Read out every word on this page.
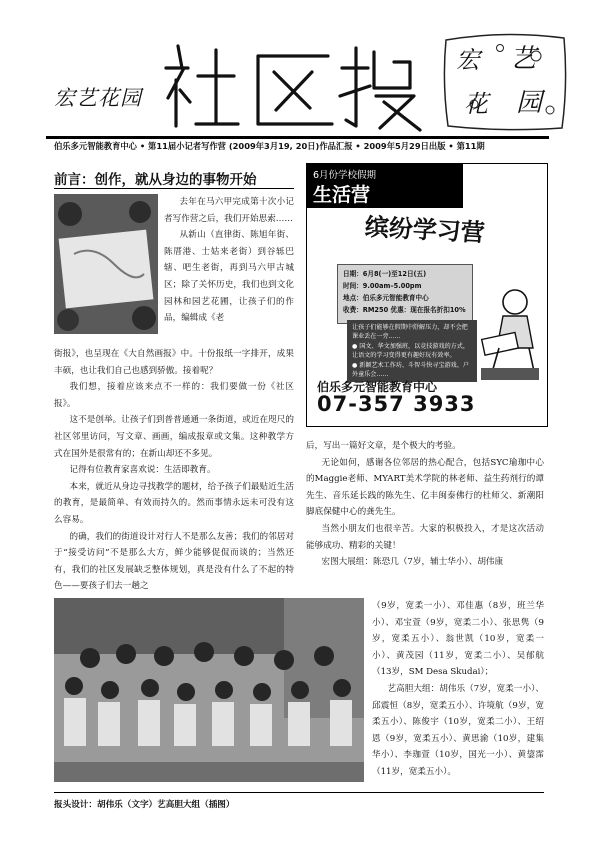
宏艺花园
宏 艺
花 园
伯乐多元智能教育中心 • 第11届小记者写作营 (2009年3月19, 20日)作品汇报 • 2009年5月29日出版 • 第11期
前言：创作，就从身边的事物开始

去年在马六甲完成第十次小记者写作营之后，我们开始思索……

从新山（直律街、陈旭年街、陈厝港、士姑来老街）到谷轹巴辖、吧生老街，再到马六甲古城区；除了关怀历史，我们也到文化园林和园艺花圃，让孩子们的作品，编辑成《老

街报》，也呈现在《大自然画报》中。十份报纸一字排开，成果丰硕，也让我们自己也感到骄傲。接着呢？

我们想，接着应该来点不一样的：我们要做一份《社区报》。

这不是创举。让孩子们到普普通通一条街道，或近在咫尺的社区邻里访问，写文章、画画，编成报章或文集。这种教学方式在国外是很常有的；在新山却还不多见。

记得有位教育家喜欢说：生活即教育。

本来，就近从身边寻找教学的题材，给予孩子们最贴近生活的教育，是最简单、有效而持久的。然而事情永远未可没有这么容易。

的确，我们的街道设计对行人不是那么友善；我们的邻居对于“接受访问”不是那么大方，鲜少能够促侃而谈的；当然还有，我们的社区发展缺乏整体规划，真是没有什么了不起的特色——要孩子们去一趟之

6月份学校假期
生活营
缤纷学习营
日期：6月8(一)至12日(五)
时间：9.00am–5.00pm
地点：伯乐多元智能教育中心
收费：RM250 优惠：现在报名折扣10%
让孩子们能够在假期中舒解压力，却不会把课业丢在一旁……
● 国文、华文加强班，以竞技游戏的方式，让语文的学习变得更有趣好玩有效率。
● 新颖艺术工作坊、斗智斗快寻宝游戏、户外童乐会……
伯乐多元智能教育中心
07-357 3933

后，写出一篇好文章，是个极大的考验。

无论如何，感谢各位邻居的热心配合，包括SYC瑜珈中心的Maggie老师、MYART美术学院的林老师、益生药剂行的谭先生、音乐延长践的陈先生、亿丰闽泰佛行的杜师父、新潮阳脚底保健中心的龚先生。

当然小朋友们也很辛苦。大家的积极投入，才是这次活动能够成功、精彩的关键！

宏图大展组：陈恐几（7岁，辅士华小）、胡伟康

（9岁，宽柔一小）、邓佳惠（8岁，班兰华小）、邓宝萱（9岁，宽柔二小）、张思隽（9岁，宽柔五小）、翁世凯（10岁，宽柔一小）、黄茂园（11岁，宽柔二小）、吴郁航（13岁，SM Desa Skudai）；

艺高胆大组：胡伟乐（7岁，宽柔一小）、邱震恒（8岁，宽柔五小）、许境航（9岁，宽柔五小）、陈俊宇（10岁，宽柔二小）、王绍恩（9岁，宽柔五小）、黄思渝（10岁，建集华小）、李珈萱（10岁，国光一小）、黄鋆霈（11岁，宽柔五小）。

报头设计：胡伟乐（文字）艺高胆大组（插图）
